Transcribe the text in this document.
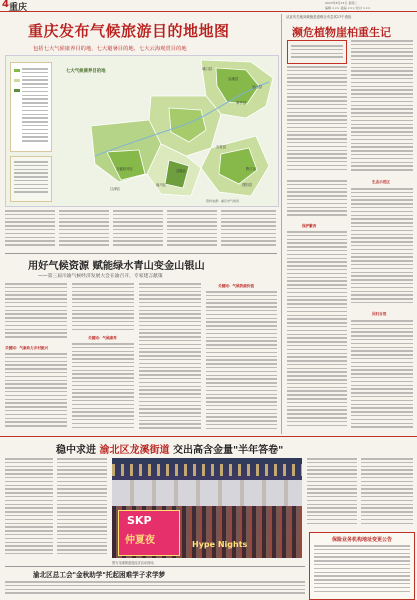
4 重庆	2023年8月15日 星期二
编辑 ××× 美编 ××× 校对 ×××
重庆发布气候旅游目的地地图
包括七大气候康养目的地、七大避暑目的地、七大云海观赏目的地
七大气候康养目的地	城口县
巫山县
巫溪县
奉节县
武隆区
石柱县
南川区
万盛经开区
江津区
酉阳县
黔江区
资料来源：重庆市气象局
用好气候资源 赋能绿水青山变金山银山
——第三届川渝气候经济发展大会在渝召开，专家建言献策
关键词：气象助力乡村振兴
关键词：气候康养
关键词：气候资源价值
从宣布关地到栽植是道难全市尝试17个查俭
濒危植物崖柏重生记
生态示范区
保护繁育
回归自然
稳中求进 渝北区龙溪街道 交出高含金量"半年答卷"
SKP
仲夏夜	Hype Nights
图为龙溪街道夜经济活动现场。
渝北区总工会"金秋助学"托起困难学子求学梦
保险业务机构地址变更公告
